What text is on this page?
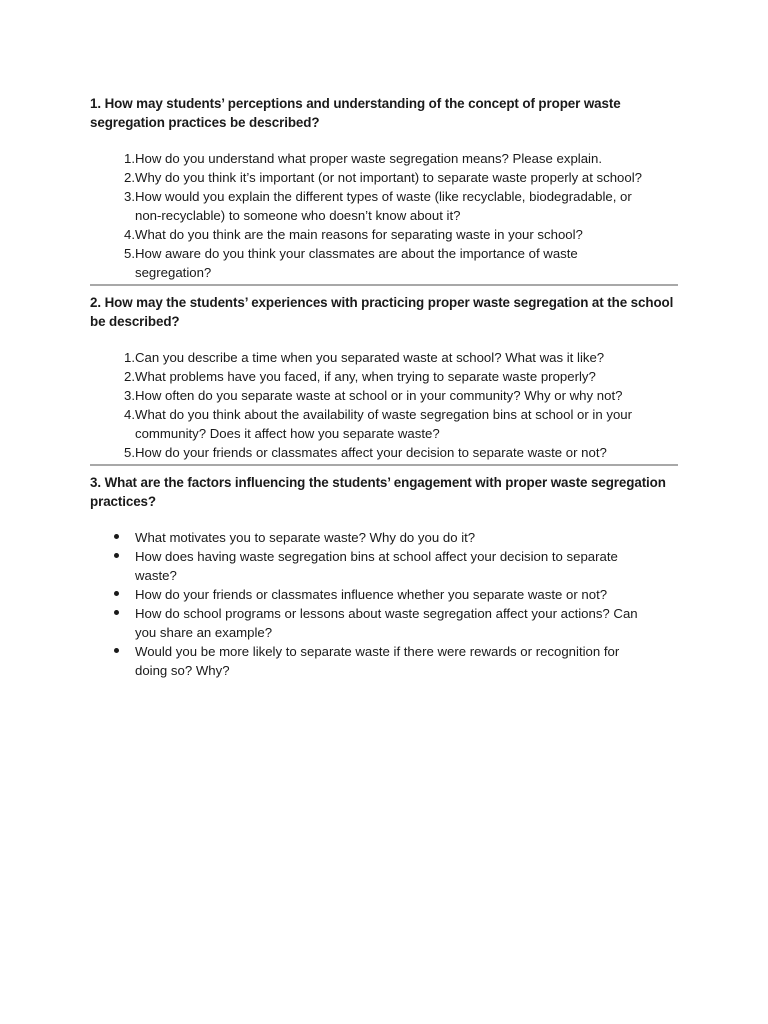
1. How may students’ perceptions and understanding of the concept of proper waste segregation practices be described?

1. How do you understand what proper waste segregation means? Please explain.
2. Why do you think it’s important (or not important) to separate waste properly at school?
3. How would you explain the different types of waste (like recyclable, biodegradable, or non-recyclable) to someone who doesn’t know about it?
4. What do you think are the main reasons for separating waste in your school?
5. How aware do you think your classmates are about the importance of waste segregation?

2. How may the students’ experiences with practicing proper waste segregation at the school be described?

1. Can you describe a time when you separated waste at school? What was it like?
2. What problems have you faced, if any, when trying to separate waste properly?
3. How often do you separate waste at school or in your community? Why or why not?
4. What do you think about the availability of waste segregation bins at school or in your community? Does it affect how you separate waste?
5. How do your friends or classmates affect your decision to separate waste or not?

3. What are the factors influencing the students’ engagement with proper waste segregation practices?

What motivates you to separate waste? Why do you do it?
How does having waste segregation bins at school affect your decision to separate waste?
How do your friends or classmates influence whether you separate waste or not?
How do school programs or lessons about waste segregation affect your actions? Can you share an example?
Would you be more likely to separate waste if there were rewards or recognition for doing so? Why?
